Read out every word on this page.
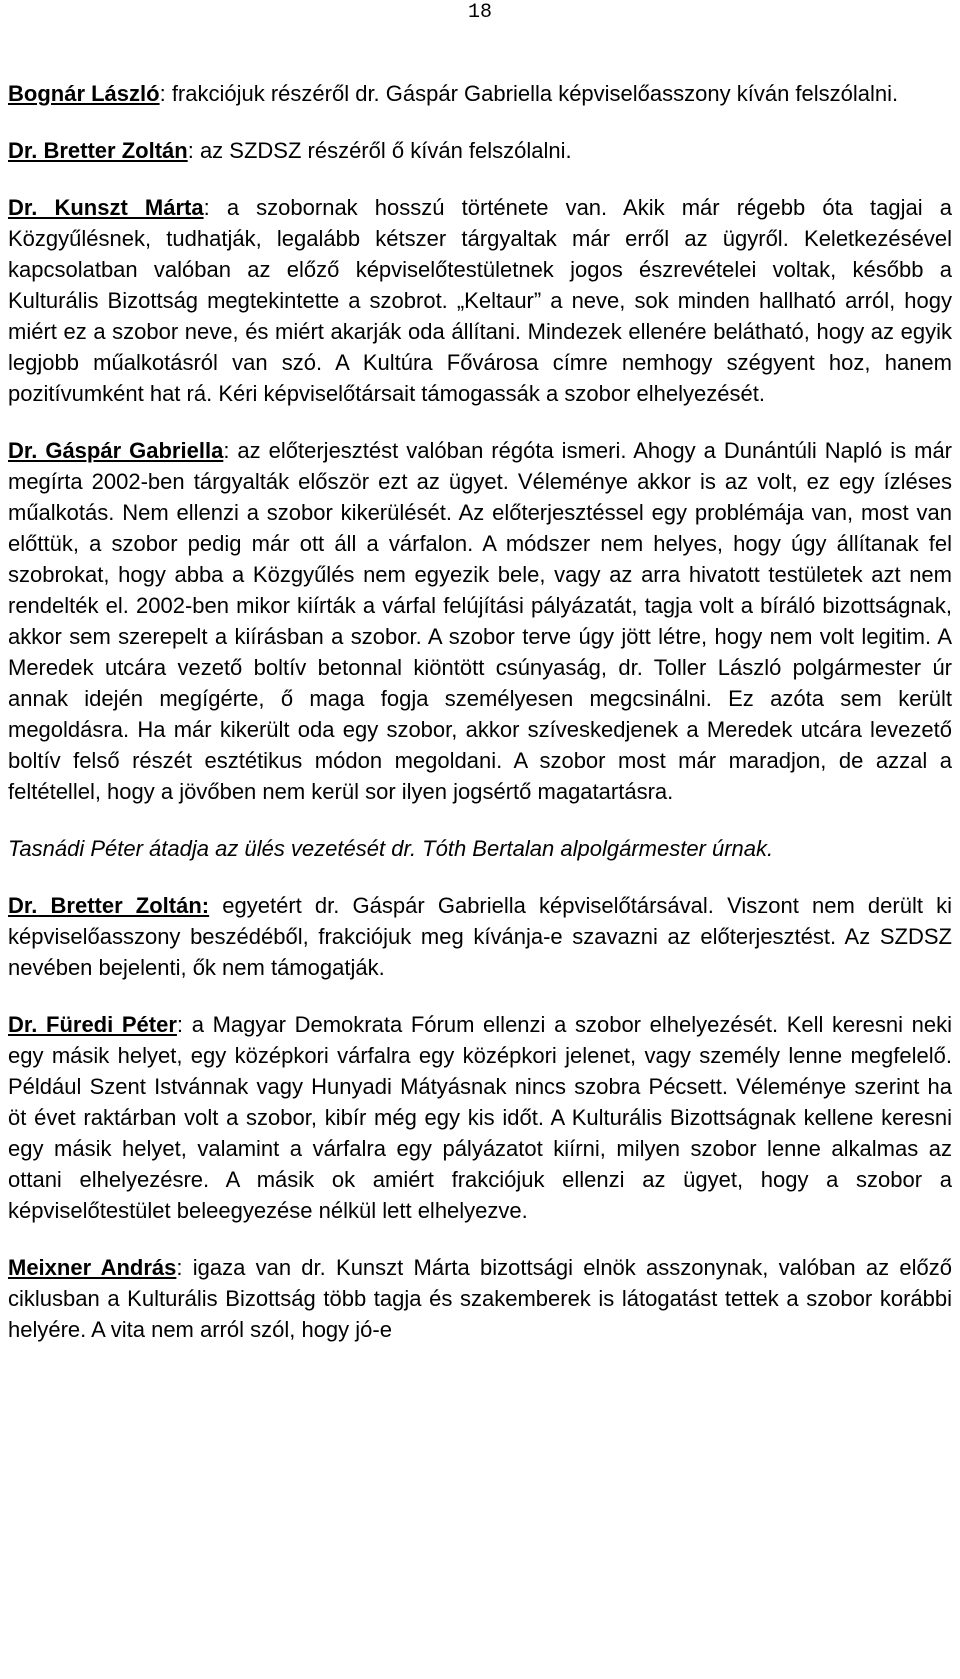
18

Bognár László: frakciójuk részéről dr. Gáspár Gabriella képviselőasszony kíván felszólalni.

Dr. Bretter Zoltán: az SZDSZ részéről ő kíván felszólalni.

Dr. Kunszt Márta: a szobornak hosszú története van. Akik már régebb óta tagjai a Közgyűlésnek, tudhatják, legalább kétszer tárgyaltak már erről az ügyről. Keletkezésével kapcsolatban valóban az előző képviselőtestületnek jogos észrevételei voltak, később a Kulturális Bizottság megtekintette a szobrot. „Keltaur” a neve, sok minden hallható arról, hogy miért ez a szobor neve, és miért akarják oda állítani. Mindezek ellenére belátható, hogy az egyik legjobb műalkotásról van szó. A Kultúra Fővárosa címre nemhogy szégyent hoz, hanem pozitívumként hat rá. Kéri képviselőtársait támogassák a szobor elhelyezését.

Dr. Gáspár Gabriella: az előterjesztést valóban régóta ismeri. Ahogy a Dunántúli Napló is már megírta 2002-ben tárgyalták először ezt az ügyet. Véleménye akkor is az volt, ez egy ízléses műalkotás. Nem ellenzi a szobor kikerülését. Az előterjesztéssel egy problémája van, most van előttük, a szobor pedig már ott áll a várfalon. A módszer nem helyes, hogy úgy állítanak fel szobrokat, hogy abba a Közgyűlés nem egyezik bele, vagy az arra hivatott testületek azt nem rendelték el. 2002-ben mikor kiírták a várfal felújítási pályázatát, tagja volt a bíráló bizottságnak, akkor sem szerepelt a kiírásban a szobor. A szobor terve úgy jött létre, hogy nem volt legitim. A Meredek utcára vezető boltív betonnal kiöntött csúnyaság, dr. Toller László polgármester úr annak idején megígérte, ő maga fogja személyesen megcsinálni. Ez azóta sem került megoldásra. Ha már kikerült oda egy szobor, akkor szíveskedjenek a Meredek utcára levezető boltív felső részét esztétikus módon megoldani. A szobor most már maradjon, de azzal a feltétellel, hogy a jövőben nem kerül sor ilyen jogsértő magatartásra.

Tasnádi Péter átadja az ülés vezetését dr. Tóth Bertalan alpolgármester úrnak.

Dr. Bretter Zoltán: egyetért dr. Gáspár Gabriella képviselőtársával. Viszont nem derült ki képviselőasszony beszédéből, frakciójuk meg kívánja-e szavazni az előterjesztést. Az SZDSZ nevében bejelenti, ők nem támogatják.

Dr. Füredi Péter: a Magyar Demokrata Fórum ellenzi a szobor elhelyezését. Kell keresni neki egy másik helyet, egy középkori várfalra egy középkori jelenet, vagy személy lenne megfelelő. Például Szent Istvánnak vagy Hunyadi Mátyásnak nincs szobra Pécsett. Véleménye szerint ha öt évet raktárban volt a szobor, kibír még egy kis időt. A Kulturális Bizottságnak kellene keresni egy másik helyet, valamint a várfalra egy pályázatot kiírni, milyen szobor lenne alkalmas az ottani elhelyezésre. A másik ok amiért frakciójuk ellenzi az ügyet, hogy a szobor a képviselőtestület beleegyezése nélkül lett elhelyezve.

Meixner András: igaza van dr. Kunszt Márta bizottsági elnök asszonynak, valóban az előző ciklusban a Kulturális Bizottság több tagja és szakemberek is látogatást tettek a szobor korábbi helyére. A vita nem arról szól, hogy jó-e
